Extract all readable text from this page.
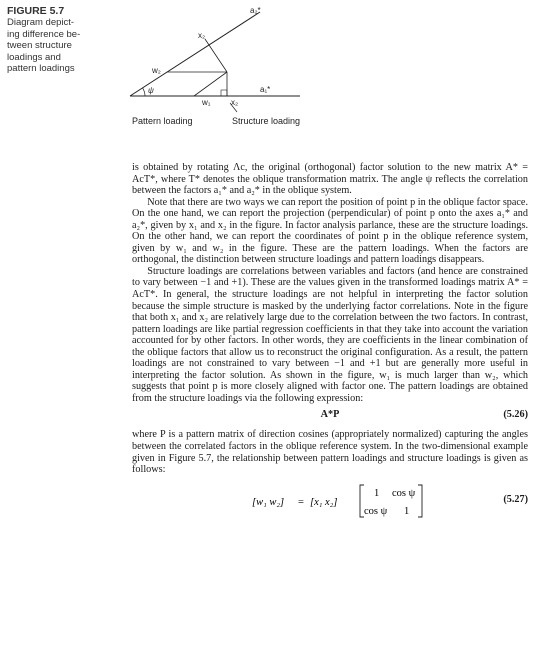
FIGURE 5.7
Diagram depict-
ing difference be-
tween structure
loadings and
pattern loadings
a₂*
a₁*
x₂
x₂
w₂
w₁
ψ
Pattern loading	Structure loading

is obtained by rotating Λc, the original (orthogonal) factor solution to the new matrix A* = AcT*, where T* denotes the oblique transformation matrix. The angle ψ reflects the correlation between the factors a₁* and a₂* in the oblique system.

Note that there are two ways we can report the position of point p in the oblique factor space. On the one hand, we can report the projection (perpendicular) of point p onto the axes a₁* and a₂*, given by x₁ and x₂ in the figure. In factor analysis parlance, these are the structure loadings. On the other hand, we can report the coordinates of point p in the oblique reference system, given by w₁ and w₂ in the figure. These are the pattern loadings. When the factors are orthogonal, the distinction between structure loadings and pattern loadings disappears.

Structure loadings are correlations between variables and factors (and hence are constrained to vary between −1 and +1). These are the values given in the transformed loadings matrix A* = AcT*. In general, the structure loadings are not helpful in interpreting the factor solution because the simple structure is masked by the underlying factor correlations. Note in the figure that both x₁ and x₂ are relatively large due to the correlation between the two factors. In contrast, pattern loadings are like partial regression coefficients in that they take into account the variation accounted for by other factors. In other words, they are coefficients in the linear combination of the oblique factors that allow us to reconstruct the original configuration. As a result, the pattern loadings are not constrained to vary between −1 and +1 but are generally more useful in interpreting the factor solution. As shown in the figure, w₁ is much larger than w₂, which suggests that point p is more closely aligned with factor one. The pattern loadings are obtained from the structure loadings via the following expression:

A*P	(5.26)

where P is a pattern matrix of direction cosines (appropriately normalized) capturing the angles between the correlated factors in the oblique reference system. In the two-dimensional example given in Figure 5.7, the relationship between pattern loadings and structure loadings is given as follows:

[w₁ w₂] = [x₁ x₂]
1 cos ψ
cos ψ 1
(5.27)
